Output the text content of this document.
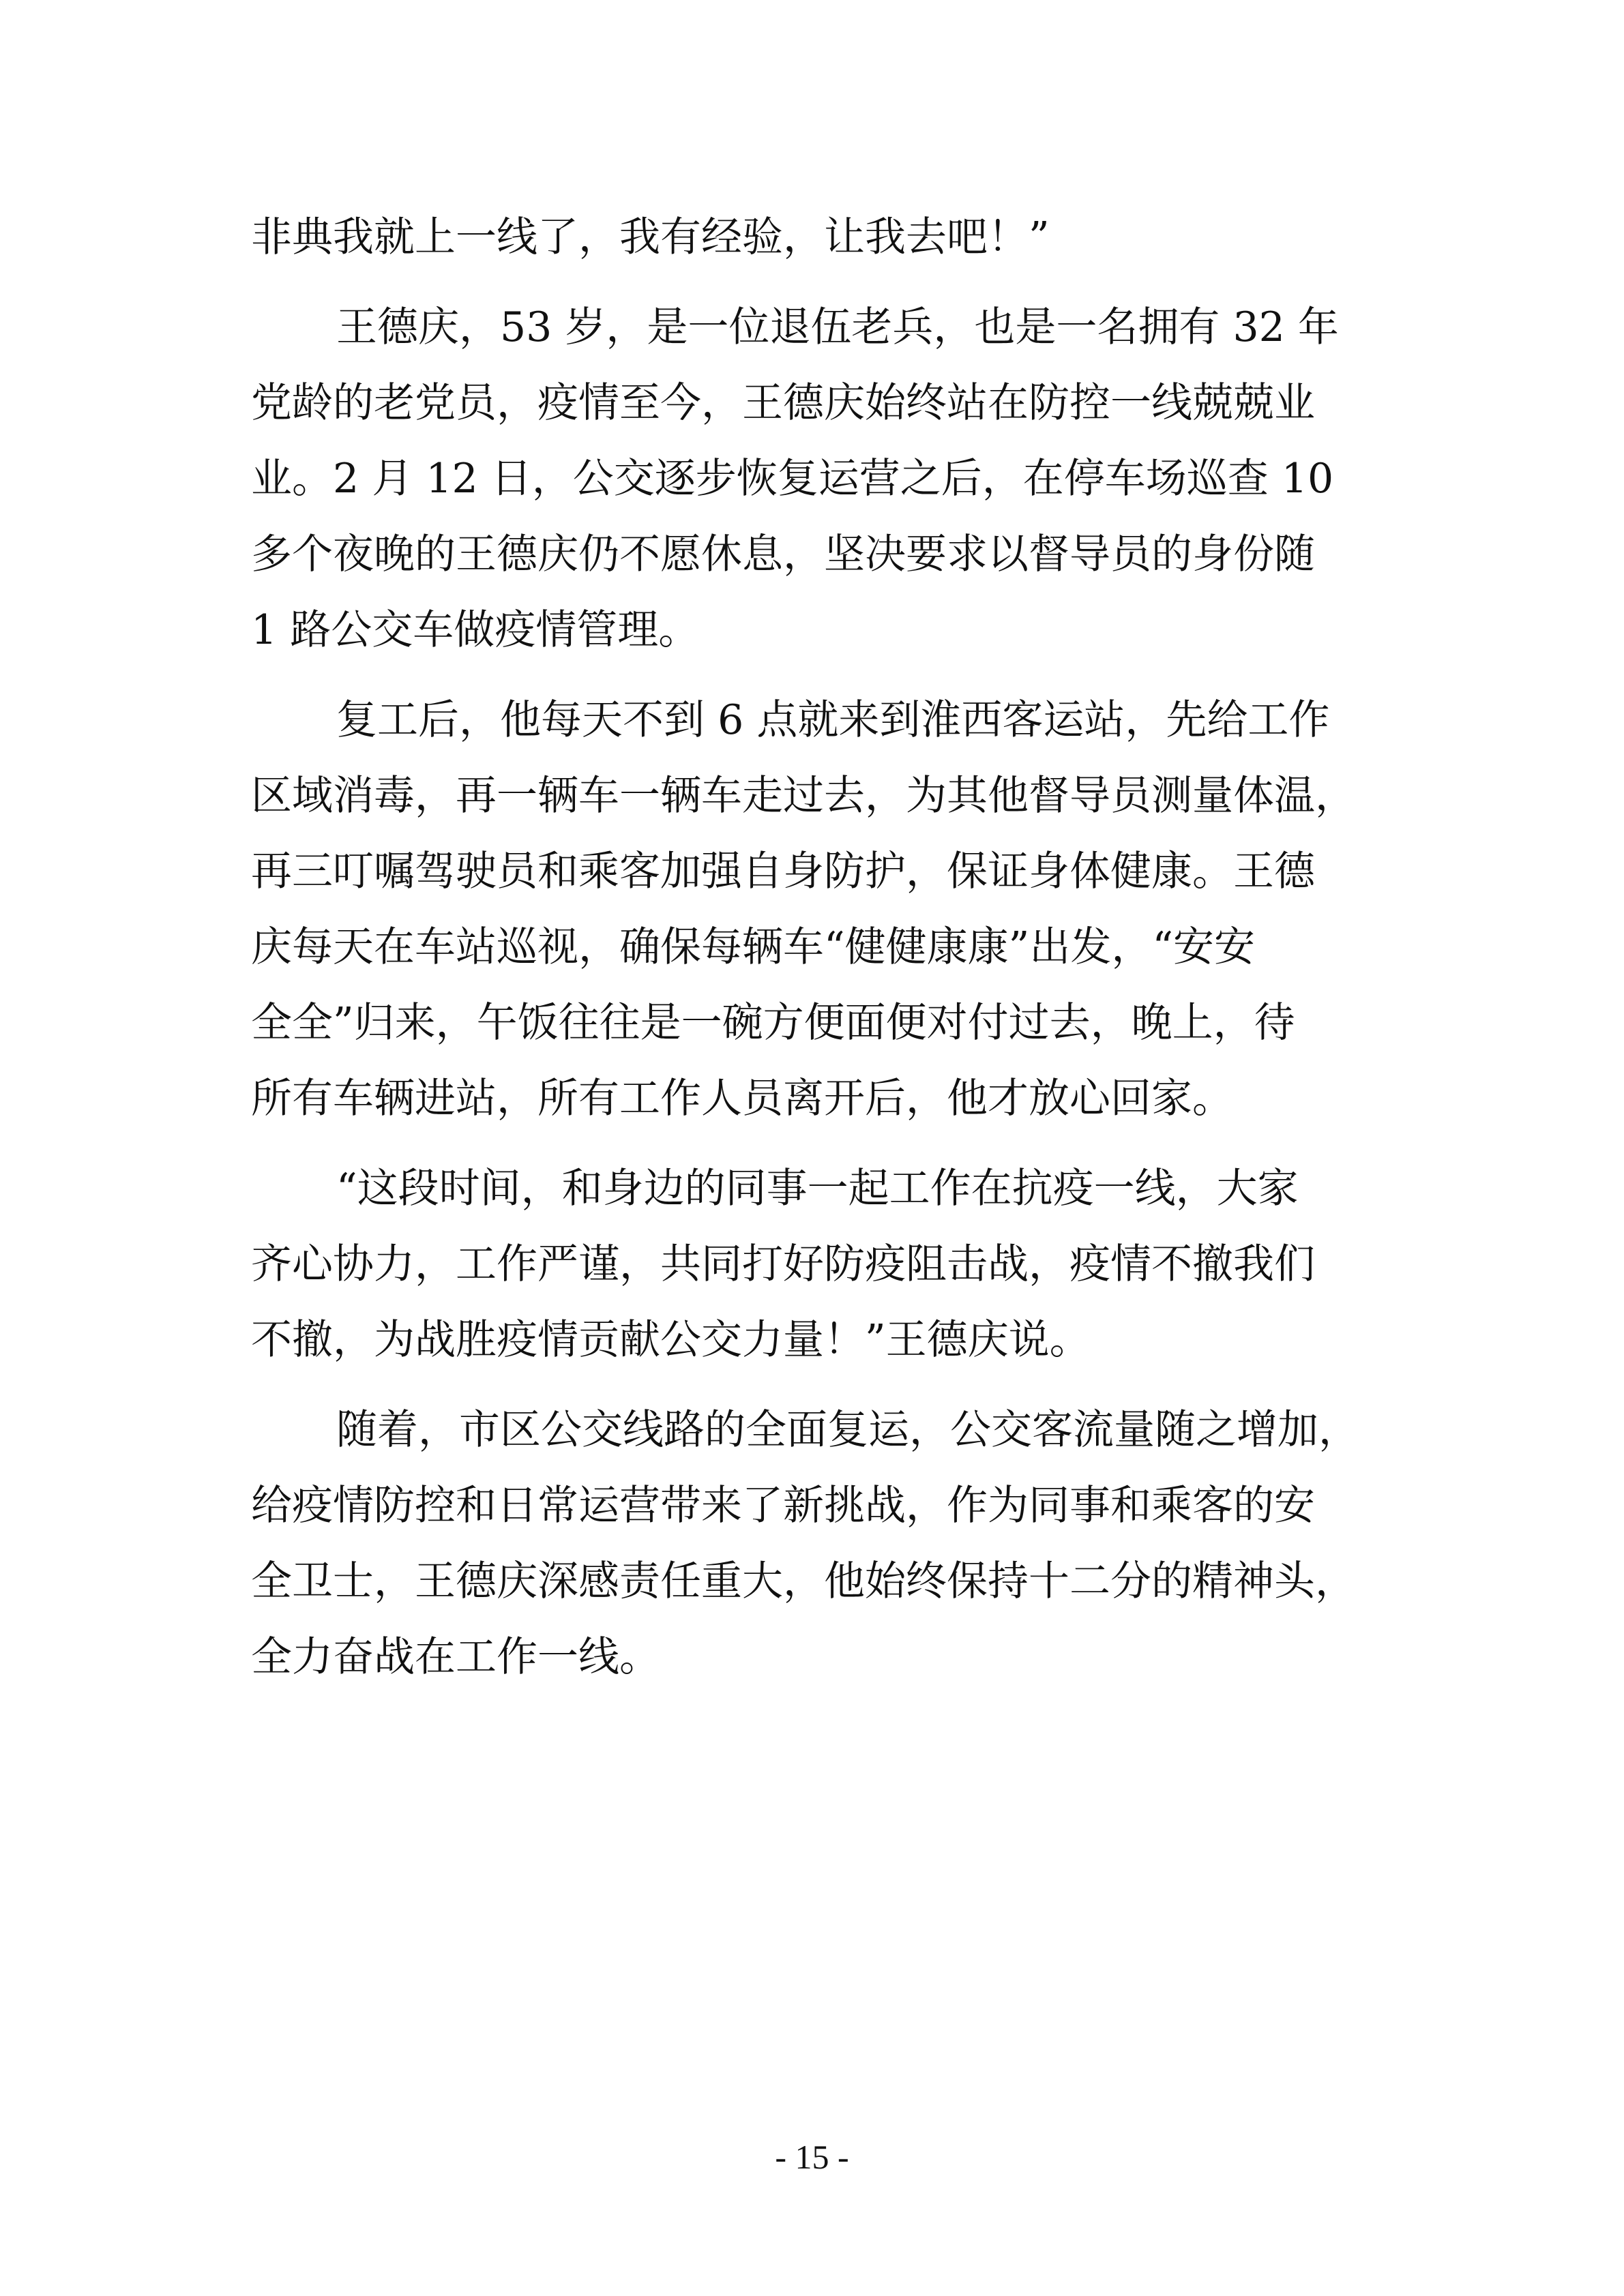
非典我就上一线了，我有经验，让我去吧！”
王德庆，53 岁，是一位退伍老兵，也是一名拥有 32 年
党龄的老党员，疫情至今，王德庆始终站在防控一线兢兢业
业。2 月 12 日，公交逐步恢复运营之后，在停车场巡查 10
多个夜晚的王德庆仍不愿休息，坚决要求以督导员的身份随
1 路公交车做疫情管理。
复工后，他每天不到 6 点就来到淮西客运站，先给工作
区域消毒，再一辆车一辆车走过去，为其他督导员测量体温，
再三叮嘱驾驶员和乘客加强自身防护，保证身体健康。王德
庆每天在车站巡视，确保每辆车“健健康康”出发，“安安
全全”归来，午饭往往是一碗方便面便对付过去，晚上，待
所有车辆进站，所有工作人员离开后，他才放心回家。
“这段时间，和身边的同事一起工作在抗疫一线，大家
齐心协力，工作严谨，共同打好防疫阻击战，疫情不撤我们
不撤，为战胜疫情贡献公交力量！”王德庆说。
随着，市区公交线路的全面复运，公交客流量随之增加，
给疫情防控和日常运营带来了新挑战，作为同事和乘客的安
全卫士，王德庆深感责任重大，他始终保持十二分的精神头，
全力奋战在工作一线。
- 15 -
